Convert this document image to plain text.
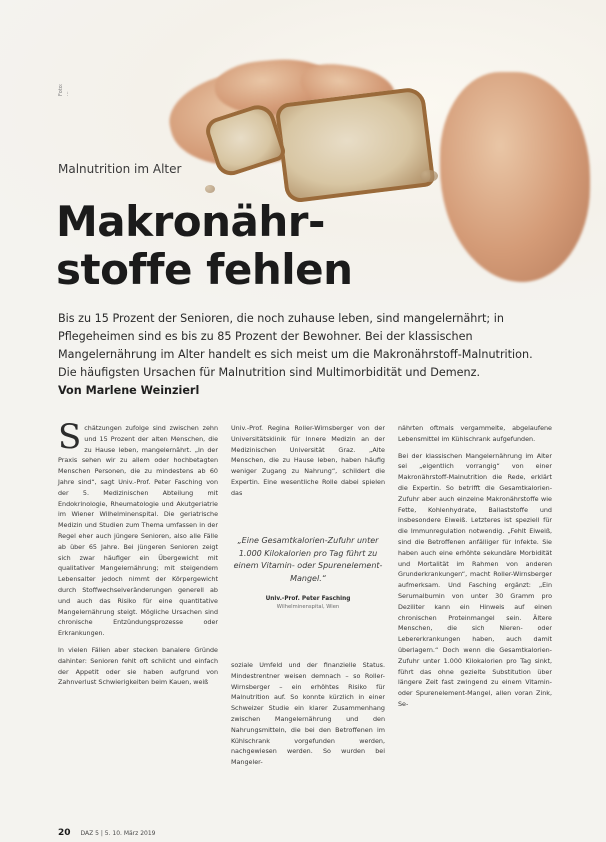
Foto: ...
Malnutrition im Alter
Makronähr-
stoffe fehlen

Bis zu 15 Prozent der Senioren, die noch zuhause leben, sind mangelernährt; in Pflegeheimen sind es bis zu 85 Prozent der Bewohner. Bei der klassischen Mangelernährung im Alter handelt es sich meist um die Makronährstoff-Malnutrition. Die häufigsten Ursachen für Malnutrition sind Multimorbidität und Demenz.

Von Marlene Weinzierl

Schätzungen zufolge sind zwischen zehn und 15 Prozent der alten Menschen, die zu Hause leben, mangelernährt. „In der Praxis sehen wir zu allem oder hochbetagten Menschen Personen, die zu mindestens ab 60 Jahre sind“, sagt Univ.-Prof. Peter Fasching von der 5. Medizinischen Abteilung mit Endokrinologie, Rheumatologie und Akutgeriatrie im Wiener Wilhelminenspital. Die geriatrische Medizin und Studien zum Thema umfassen in der Regel eher auch jüngere Senioren, also alle Fälle ab über 65 Jahre. Bei jüngeren Senioren zeigt sich zwar häufiger ein Übergewicht mit qualitativer Mangelernährung; mit steigendem Lebensalter jedoch nimmt der Körpergewicht durch Stoffwechselveränderungen generell ab und auch das Risiko für eine quantitative Mangelernährung steigt. Mögliche Ursachen sind chronische Entzündungsprozesse oder Erkrankungen.

In vielen Fällen aber stecken banalere Gründe dahinter: Senioren fehlt oft schlicht und einfach der Appetit oder sie haben aufgrund von Zahnverlust Schwierigkeiten beim Kauen, weiß

Univ.-Prof. Regina Roller-Wirnsberger von der Universitätsklinik für Innere Medizin an der Medizinischen Universität Graz. „Alte Menschen, die zu Hause leben, haben häufig weniger Zugang zu Nahrung“, schildert die Expertin. Eine wesentliche Rolle dabei spielen das

„Eine Gesamtkalorien-Zufuhr unter 1.000 Kilokalorien pro Tag führt zu einem Vitamin- oder Spurenelement-Mangel.“

Univ.-Prof. Peter Fasching

Wilhelminenspital, Wien

soziale Umfeld und der finanzielle Status. Mindestrentner weisen demnach – so Roller-Wirnsberger – ein erhöhtes Risiko für Malnutrition auf. So konnte kürzlich in einer Schweizer Studie ein klarer Zusammenhang zwischen Mangelernährung und den Nahrungsmitteln, die bei den Betroffenen im Kühlschrank vorgefunden werden, nachgewiesen werden. So wurden bei Mangeler-

nährten oftmals vergammelte, abgelaufene Lebensmittel im Kühlschrank aufgefunden.

Bei der klassischen Mangelernährung im Alter sei „eigentlich vorrangig“ von einer Makronährstoff-Malnutrition die Rede, erklärt die Expertin. So betrifft die Gesamtkalorien-Zufuhr aber auch einzelne Makronährstoffe wie Fette, Kohlenhydrate, Ballaststoffe und insbesondere Eiweiß. Letzteres ist speziell für die Immunregulation notwendig. „Fehlt Eiweiß, sind die Betroffenen anfälliger für Infekte. Sie haben auch eine erhöhte sekundäre Morbidität und Mortalität im Rahmen von anderen Grunderkrankungen“, macht Roller-Wirnsberger aufmerksam. Und Fasching ergänzt: „Ein Serumalbumin von unter 30 Gramm pro Deziliter kann ein Hinweis auf einen chronischen Proteinmangel sein. Ältere Menschen, die sich Nieren- oder Lebererkrankungen haben, auch damit überlagern.“ Doch wenn die Gesamtkalorien-Zufuhr unter 1.000 Kilokalorien pro Tag sinkt, führt das ohne gezielte Substitution über längere Zeit fast zwingend zu einem Vitamin- oder Spurenelement-Mangel, allen voran Zink, Se-

20 DAZ 5 | 5. 10. März 2019
